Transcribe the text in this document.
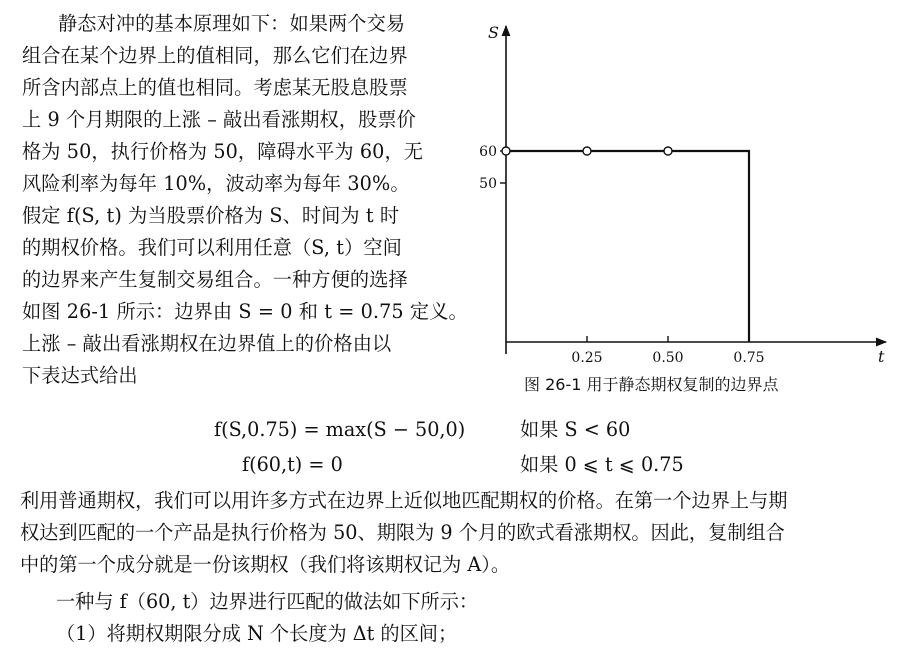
静态对冲的基本原理如下：如果两个交易
组合在某个边界上的值相同，那么它们在边界
所含内部点上的值也相同。考虑某无股息股票
上 9 个月期限的上涨 – 敲出看涨期权，股票价
格为 50，执行价格为 50，障碍水平为 60，无
风险利率为每年 10%，波动率为每年 30%。
假定 f(S, t) 为当股票价格为 S、时间为 t 时
的期权价格。我们可以利用任意（S, t）空间
的边界来产生复制交易组合。一种方便的选择
如图 26-1 所示：边界由 S = 0 和 t = 0.75 定义。
上涨 – 敲出看涨期权在边界值上的价格由以
下表达式给出
S
t
50
60
0.25	0.50	0.75
图 26-1 用于静态期权复制的边界点
f(S,0.75) = max(S − 50,0)	如果 S < 60
f(60,t) = 0	如果 0 ⩽ t ⩽ 0.75
利用普通期权，我们可以用许多方式在边界上近似地匹配期权的价格。在第一个边界上与期
权达到匹配的一个产品是执行价格为 50、期限为 9 个月的欧式看涨期权。因此，复制组合
中的第一个成分就是一份该期权（我们将该期权记为 A）。
一种与 f（60, t）边界进行匹配的做法如下所示：
（1）将期权期限分成 N 个长度为 Δt 的区间；
